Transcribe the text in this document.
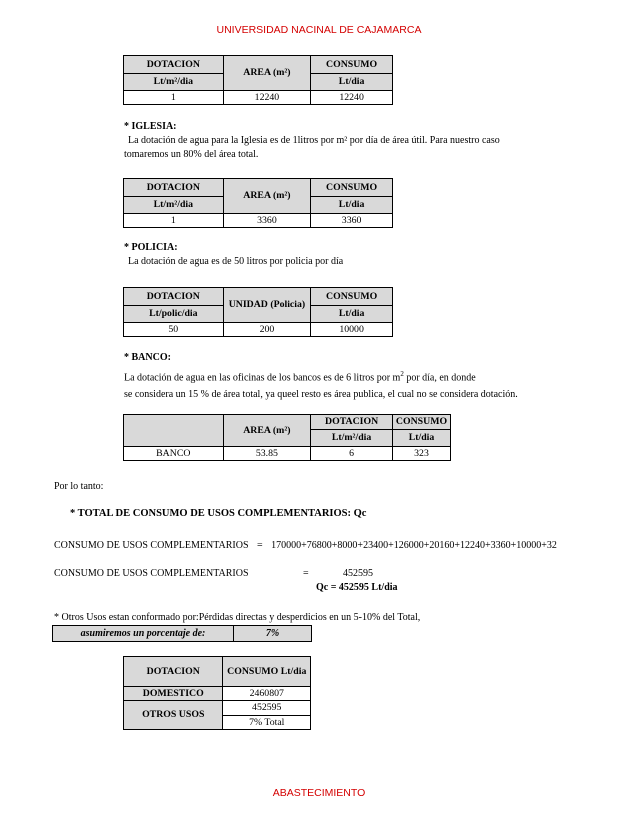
UNIVERSIDAD NACINAL DE CAJAMARCA
DOTACION	AREA (m²)	CONSUMO
Lt/m²/dia		Lt/dia
1	12240	12240
* IGLESIA:
La dotación de agua para la Iglesia es de 1litros por m² por día de área útil. Para nuestro caso
tomaremos un 80% del área total.
DOTACION	AREA (m²)	CONSUMO
Lt/m²/dia		Lt/dia
1	3360	3360
* POLICIA:
La dotación de agua es de 50 litros por policia por día
DOTACION	UNIDAD (Policia)	CONSUMO
Lt/polic/dia		Lt/dia
50	200	10000
* BANCO:
La dotación de agua en las oficinas de los bancos es de 6 litros por $m^2$ por día, en donde
se considera un 15 % de área total, ya queel resto es área publica, el cual no se considera dotación.
	AREA (m²)	DOTACION	CONSUMO
		Lt/m²/dia	Lt/dia
BANCO	53.85	6	323
Por lo tanto:
* TOTAL DE CONSUMO DE USOS COMPLEMENTARIOS: Qc
CONSUMO DE USOS COMPLEMENTARIOS = 170000+76800+8000+23400+126000+20160+12240+3360+10000+32
CONSUMO DE USOS COMPLEMENTARIOS	=	452595
Qc = 452595 Lt/dia
* Otros Usos estan conformado por:Pérdidas directas y desperdicios en un 5-10% del Total,
asumiremos un porcentaje de:	7%
DOTACION	CONSUMO Lt/dia
DOMESTICO	2460807
OTROS USOS	452595
	7% Total
ABASTECIMIENTO
